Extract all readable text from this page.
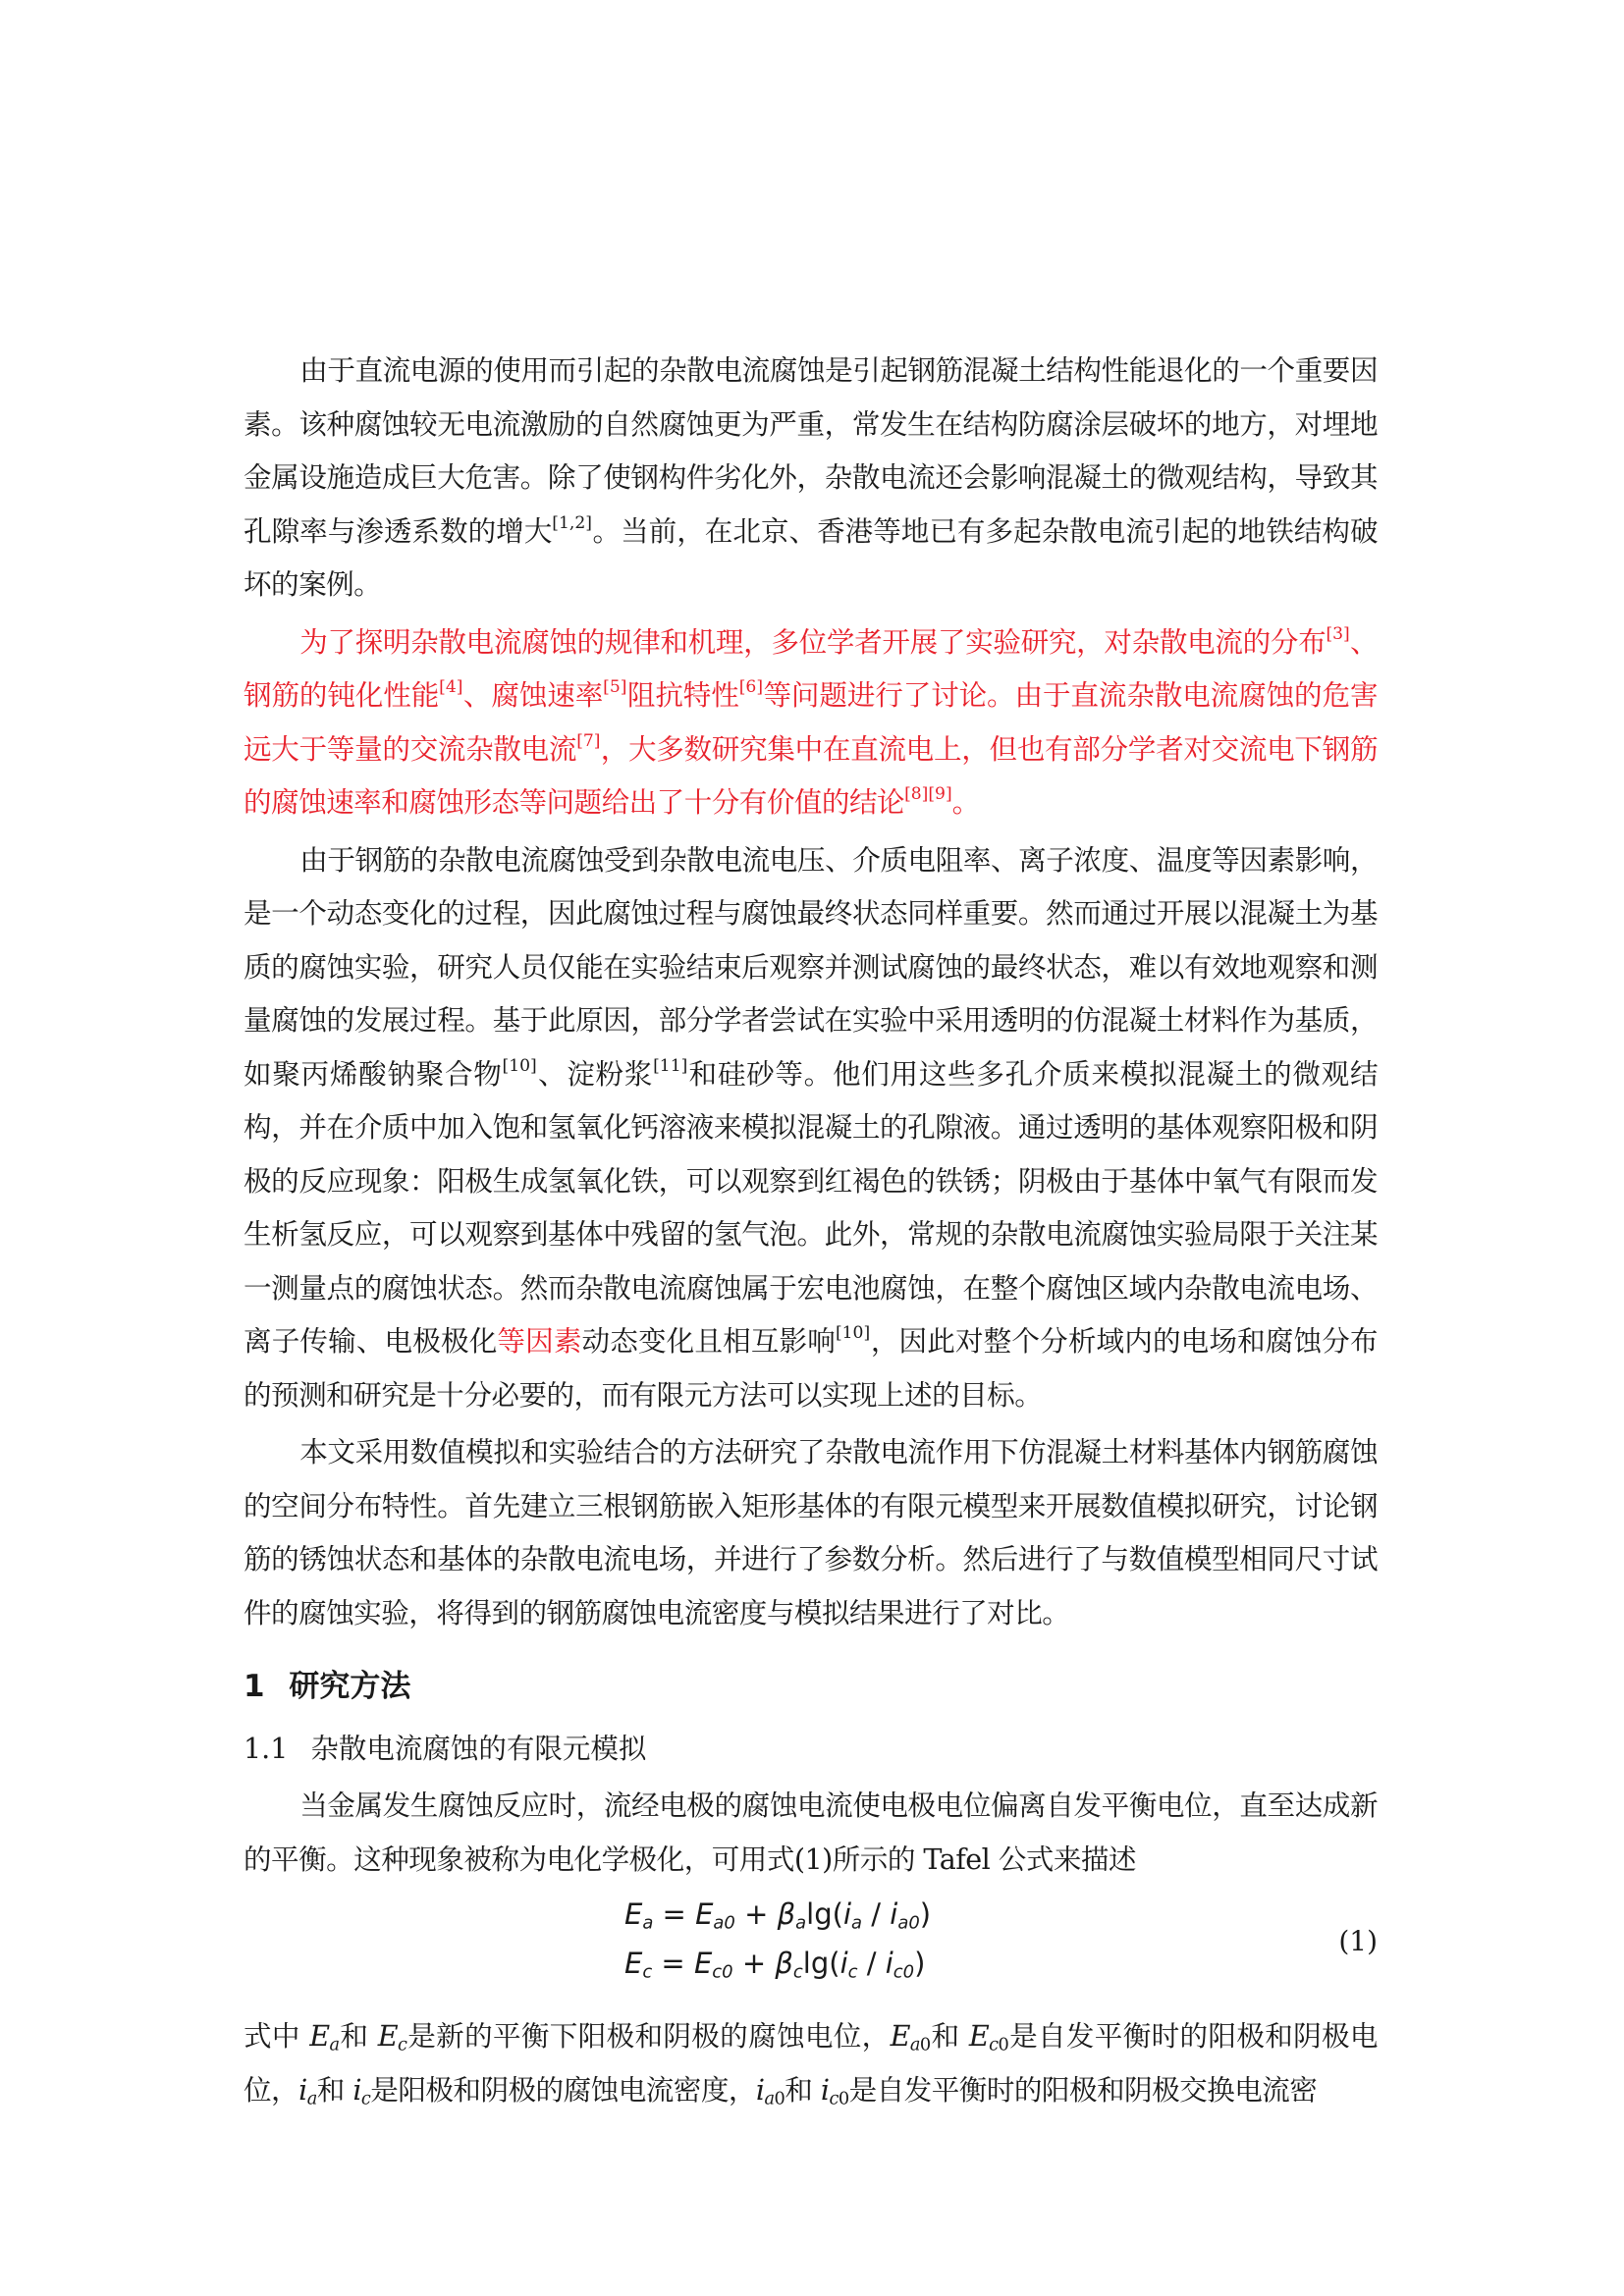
由于直流电源的使用而引起的杂散电流腐蚀是引起钢筋混凝土结构性能退化的一个重要因素。该种腐蚀较无电流激励的自然腐蚀更为严重，常发生在结构防腐涂层破坏的地方，对埋地金属设施造成巨大危害。除了使钢构件劣化外，杂散电流还会影响混凝土的微观结构，导致其孔隙率与渗透系数的增大[1,2]。当前，在北京、香港等地已有多起杂散电流引起的地铁结构破坏的案例。

为了探明杂散电流腐蚀的规律和机理，多位学者开展了实验研究，对杂散电流的分布[3]、钢筋的钝化性能[4]、腐蚀速率[5]阻抗特性[6]等问题进行了讨论。由于直流杂散电流腐蚀的危害远大于等量的交流杂散电流[7]，大多数研究集中在直流电上，但也有部分学者对交流电下钢筋的腐蚀速率和腐蚀形态等问题给出了十分有价值的结论[8][9]。

由于钢筋的杂散电流腐蚀受到杂散电流电压、介质电阻率、离子浓度、温度等因素影响，是一个动态变化的过程，因此腐蚀过程与腐蚀最终状态同样重要。然而通过开展以混凝土为基质的腐蚀实验，研究人员仅能在实验结束后观察并测试腐蚀的最终状态，难以有效地观察和测量腐蚀的发展过程。基于此原因，部分学者尝试在实验中采用透明的仿混凝土材料作为基质，如聚丙烯酸钠聚合物[10]、淀粉浆[11]和硅砂等。他们用这些多孔介质来模拟混凝土的微观结构，并在介质中加入饱和氢氧化钙溶液来模拟混凝土的孔隙液。通过透明的基体观察阳极和阴极的反应现象：阳极生成氢氧化铁，可以观察到红褐色的铁锈；阴极由于基体中氧气有限而发生析氢反应，可以观察到基体中残留的氢气泡。此外，常规的杂散电流腐蚀实验局限于关注某一测量点的腐蚀状态。然而杂散电流腐蚀属于宏电池腐蚀，在整个腐蚀区域内杂散电流电场、离子传输、电极极化等因素动态变化且相互影响[10]，因此对整个分析域内的电场和腐蚀分布的预测和研究是十分必要的，而有限元方法可以实现上述的目标。

本文采用数值模拟和实验结合的方法研究了杂散电流作用下仿混凝土材料基体内钢筋腐蚀的空间分布特性。首先建立三根钢筋嵌入矩形基体的有限元模型来开展数值模拟研究，讨论钢筋的锈蚀状态和基体的杂散电流电场，并进行了参数分析。然后进行了与数值模型相同尺寸试件的腐蚀实验，将得到的钢筋腐蚀电流密度与模拟结果进行了对比。

1 研究方法
1.1 杂散电流腐蚀的有限元模拟

当金属发生腐蚀反应时，流经电极的腐蚀电流使电极电位偏离自发平衡电位，直至达成新的平衡。这种现象被称为电化学极化，可用式(1)所示的 Tafel 公式来描述

$E_a = E_{a0} + \beta_a\lg(i_a / i_{a0})$
$E_c = E_{c0} + \beta_c\lg(i_c / i_{c0})$
(1)

式中 $E_a$和 $E_c$是新的平衡下阳极和阴极的腐蚀电位，$E_{a0}$和 $E_{c0}$是自发平衡时的阳极和阴极电位，$i_a$和 $i_c$是阳极和阴极的腐蚀电流密度，$i_{a0}$和 $i_{c0}$是自发平衡时的阳极和阴极交换电流密
